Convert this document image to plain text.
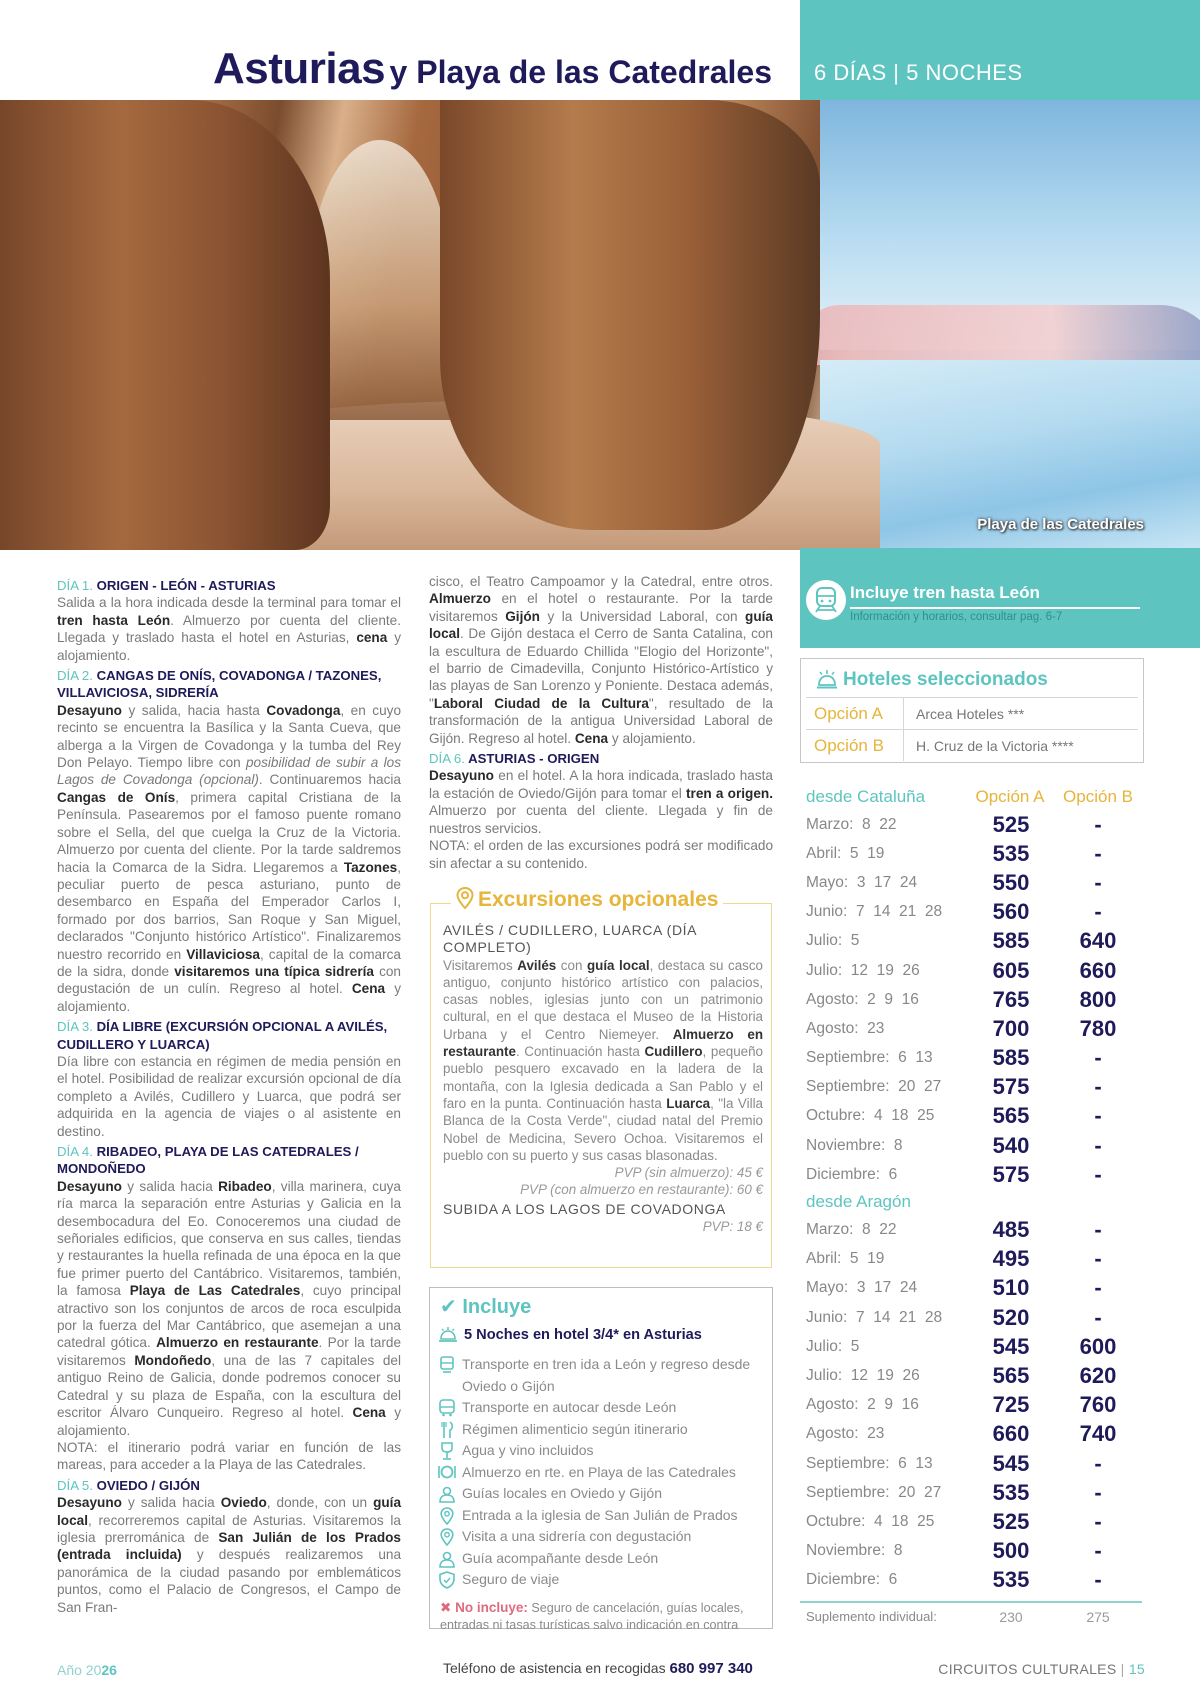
Asturias y Playa de las Catedrales 6 DÍAS | 5 NOCHES
Playa de las Catedrales
DÍA 1. ORIGEN - LEÓN - ASTURIAS

Salida a la hora indicada desde la terminal para tomar el tren hasta León. Almuerzo por cuenta del cliente. Llegada y traslado hasta el hotel en Asturias, cena y alojamiento.

DÍA 2. CANGAS DE ONÍS, COVADONGA / TAZONES, VILLAVICIOSA, SIDRERÍA

Desayuno y salida, hacia hasta Covadonga, en cuyo recinto se encuentra la Basílica y la Santa Cueva, que alberga a la Virgen de Covadonga y la tumba del Rey Don Pelayo. Tiempo libre con posibilidad de subir a los Lagos de Covadonga (opcional). Continuaremos hacia Cangas de Onís, primera capital Cristiana de la Península. Pasearemos por el famoso puente romano sobre el Sella, del que cuelga la Cruz de la Victoria. Almuerzo por cuenta del cliente. Por la tarde saldremos hacia la Comarca de la Sidra. Llegaremos a Tazones, peculiar puerto de pesca asturiano, punto de desembarco en España del Emperador Carlos I, formado por dos barrios, San Roque y San Miguel, declarados "Conjunto histórico Artístico". Finalizaremos nuestro recorrido en Villaviciosa, capital de la comarca de la sidra, donde visitaremos una típica sidrería con degustación de un culín. Regreso al hotel. Cena y alojamiento.

DÍA 3. DÍA LIBRE (EXCURSIÓN OPCIONAL A AVILÉS, CUDILLERO Y LUARCA)

Día libre con estancia en régimen de media pensión en el hotel. Posibilidad de realizar excursión opcional de día completo a Avilés, Cudillero y Luarca, que podrá ser adquirida en la agencia de viajes o al asistente en destino.

DÍA 4. RIBADEO, PLAYA DE LAS CATEDRALES / MONDOÑEDO

Desayuno y salida hacia Ribadeo, villa marinera, cuya ría marca la separación entre Asturias y Galicia en la desembocadura del Eo. Conoceremos una ciudad de señoriales edificios, que conserva en sus calles, tiendas y restaurantes la huella refinada de una época en la que fue primer puerto del Cantábrico. Visitaremos, también, la famosa Playa de Las Catedrales, cuyo principal atractivo son los conjuntos de arcos de roca esculpida por la fuerza del Mar Cantábrico, que asemejan a una catedral gótica. Almuerzo en restaurante. Por la tarde visitaremos Mondoñedo, una de las 7 capitales del antiguo Reino de Galicia, donde podremos conocer su Catedral y su plaza de España, con la escultura del escritor Álvaro Cunqueiro. Regreso al hotel. Cena y alojamiento.

NOTA: el itinerario podrá variar en función de las mareas, para acceder a la Playa de las Catedrales.

DÍA 5. OVIEDO / GIJÓN

Desayuno y salida hacia Oviedo, donde, con un guía local, recorreremos capital de Asturias. Visitaremos la iglesia prerrománica de San Julián de los Prados (entrada incluida) y después realizaremos una panorámica de la ciudad pasando por emblemáticos puntos, como el Palacio de Congresos, el Campo de San Fran-

cisco, el Teatro Campoamor y la Catedral, entre otros. Almuerzo en el hotel o restaurante. Por la tarde visitaremos Gijón y la Universidad Laboral, con guía local. De Gijón destaca el Cerro de Santa Catalina, con la escultura de Eduardo Chillida "Elogio del Horizonte", el barrio de Cimadevilla, Conjunto Histórico-Artístico y las playas de San Lorenzo y Poniente. Destaca además, "Laboral Ciudad de la Cultura", resultado de la transformación de la antigua Universidad Laboral de Gijón. Regreso al hotel. Cena y alojamiento.

DÍA 6. ASTURIAS - ORIGEN

Desayuno en el hotel. A la hora indicada, traslado hasta la estación de Oviedo/Gijón para tomar el tren a origen. Almuerzo por cuenta del cliente. Llegada y fin de nuestros servicios.

NOTA: el orden de las excursiones podrá ser modificado sin afectar a su contenido.

Excursiones opcionales
AVILÉS / CUDILLERO, LUARCA (DÍA COMPLETO)

Visitaremos Avilés con guía local, destaca su casco antiguo, conjunto histórico artístico con palacios, casas nobles, iglesias junto con un patrimonio cultural, en el que destaca el Museo de la Historia Urbana y el Centro Niemeyer. Almuerzo en restaurante. Continuación hasta Cudillero, pequeño pueblo pesquero excavado en la ladera de la montaña, con la Iglesia dedicada a San Pablo y el faro en la punta. Continuación hasta Luarca, "la Villa Blanca de la Costa Verde", ciudad natal del Premio Nobel de Medicina, Severo Ochoa. Visitaremos el pueblo con su puerto y sus casas blasonadas.

PVP (sin almuerzo): 45 €
PVP (con almuerzo en restaurante): 60 €
SUBIDA A LOS LAGOS DE COVADONGA
PVP: 18 €
✔ Incluye
5 Noches en hotel 3/4* en Asturias
Transporte en tren ida a León y regreso desde Oviedo o Gijón
Transporte en autocar desde León
Régimen alimenticio según itinerario
Agua y vino incluidos
Almuerzo en rte. en Playa de las Catedrales
Guías locales en Oviedo y Gijón
Entrada a la iglesia de San Julián de Prados
Visita a una sidrería con degustación
Guía acompañante desde León
Seguro de viaje
✖ No incluye: Seguro de cancelación, guías locales, entradas ni tasas turísticas salvo indicación en contra
Incluye tren hasta León
Información y horarios, consultar pag. 6-7
Hoteles seleccionados
Opción A	Arcea Hoteles ***
Opción B	H. Cruz de la Victoria ****
desde Cataluña	Opción A	Opción B
Marzo:  8  22	525	-
Abril:  5  19	535	-
Mayo:  3  17  24	550	-
Junio:  7  14  21  28	560	-
Julio:  5	585	640
Julio:  12  19  26	605	660
Agosto:  2  9  16	765	800
Agosto:  23	700	780
Septiembre:  6  13	585	-
Septiembre:  20  27	575	-
Octubre:  4  18  25	565	-
Noviembre:  8	540	-
Diciembre:  6	575	-
desde Aragón
Marzo:  8  22	485	-
Abril:  5  19	495	-
Mayo:  3  17  24	510	-
Junio:  7  14  21  28	520	-
Julio:  5	545	600
Julio:  12  19  26	565	620
Agosto:  2  9  16	725	760
Agosto:  23	660	740
Septiembre:  6  13	545	-
Septiembre:  20  27	535	-
Octubre:  4  18  25	525	-
Noviembre:  8	500	-
Diciembre:  6	535	-
Suplemento individual:	230	275
Año 2026	Teléfono de asistencia en recogidas 680 997 340	CIRCUITOS CULTURALES | 15
